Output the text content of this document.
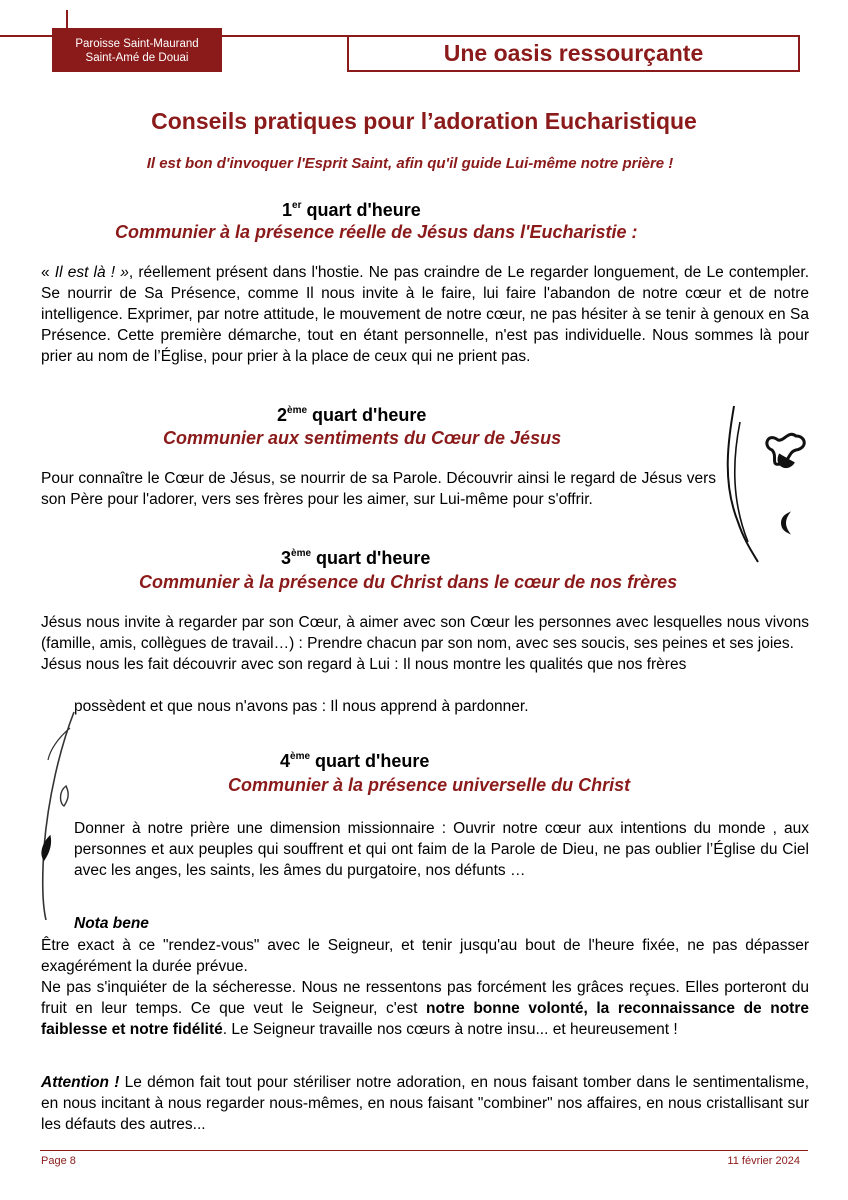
Paroisse Saint-Maurand
Saint-Amé de Douai	Une oasis ressourçante
Conseils pratiques pour l’adoration Eucharistique
Il est bon d'invoquer l'Esprit Saint, afin qu'il guide Lui-même notre prière !
1er quart d'heure
Communier à la présence réelle de Jésus dans l'Eucharistie :

« Il est là ! », réellement présent dans l'hostie. Ne pas craindre de Le regarder longuement, de Le contempler. Se nourrir de Sa Présence, comme Il nous invite à le faire, lui faire l'abandon de notre cœur et de notre intelligence. Exprimer, par notre attitude, le mouvement de notre cœur, ne pas hésiter à se tenir à genoux en Sa Présence. Cette première démarche, tout en étant personnelle, n'est pas individuelle. Nous sommes là pour prier au nom de l’Église, pour prier à la place de ceux qui ne prient pas.

2ème quart d'heure
Communier aux sentiments du Cœur de Jésus

Pour connaître le Cœur de Jésus, se nourrir de sa Parole. Découvrir ainsi le regard de Jésus vers son Père pour l'adorer, vers ses frères pour les aimer, sur Lui-même pour s'offrir.

3ème quart d'heure
Communier à la présence du Christ dans le cœur de nos frères

Jésus nous invite à regarder par son Cœur, à aimer avec son Cœur les personnes avec lesquelles nous vivons (famille, amis, collègues de travail…) : Prendre chacun par son nom, avec ses soucis, ses peines et ses joies.

Jésus nous les fait découvrir avec son regard à Lui : Il nous montre les qualités que nos frères

possèdent et que nous n'avons pas : Il nous apprend à pardonner.

4ème quart d'heure
Communier à la présence universelle du Christ

Donner à notre prière une dimension missionnaire : Ouvrir notre cœur aux intentions du monde , aux personnes et aux peuples qui souffrent et qui ont faim de la Parole de Dieu, ne pas oublier l’Église du Ciel avec les anges, les saints, les âmes du purgatoire, nos défunts …

Nota bene

Être exact à ce "rendez-vous" avec le Seigneur, et tenir jusqu'au bout de l'heure fixée, ne pas dépasser exagérément la durée prévue.

Ne pas s'inquiéter de la sécheresse. Nous ne ressentons pas forcément les grâces reçues. Elles porteront du fruit en leur temps. Ce que veut le Seigneur, c'est notre bonne volonté, la reconnaissance de notre faiblesse et notre fidélité. Le Seigneur travaille nos cœurs à notre insu... et heureusement !

Attention ! Le démon fait tout pour stériliser notre adoration, en nous faisant tomber dans le sentimentalisme, en nous incitant à nous regarder nous-mêmes, en nous faisant "combiner" nos affaires, en nous cristallisant sur les défauts des autres...

Page 8	11 février 2024
